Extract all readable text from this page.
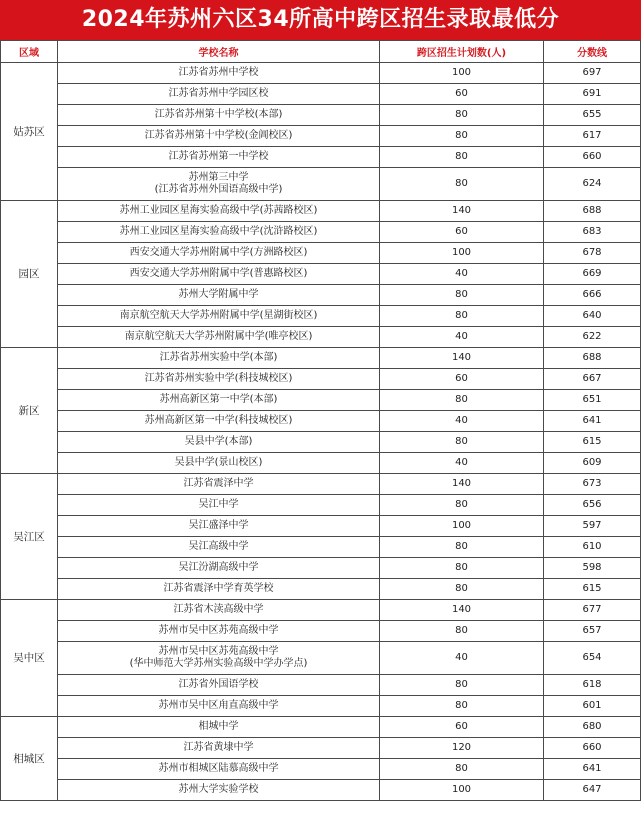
2024年苏州六区34所高中跨区招生录取最低分
区域	学校名称	跨区招生计划数(人)	分数线
姑苏区	江苏省苏州中学校	100	697
	江苏省苏州中学园区校	60	691
	江苏省苏州第十中学校(本部)	80	655
	江苏省苏州第十中学校(金阊校区)	80	617
	江苏省苏州第一中学校	80	660

	苏州第三中学
(江苏省苏州外国语高级中学)	80	624
园区	苏州工业园区星海实验高级中学(苏茜路校区)	140	688
	苏州工业园区星海实验高级中学(沈浒路校区)	60	683
	西安交通大学苏州附属中学(方洲路校区)	100	678
	西安交通大学苏州附属中学(普惠路校区)	40	669
	苏州大学附属中学	80	666
	南京航空航天大学苏州附属中学(星湖街校区)	80	640
	南京航空航天大学苏州附属中学(唯亭校区)	40	622
新区	江苏省苏州实验中学(本部)	140	688
	江苏省苏州实验中学(科技城校区)	60	667
	苏州高新区第一中学(本部)	80	651
	苏州高新区第一中学(科技城校区)	40	641
	吴县中学(本部)	80	615
	吴县中学(景山校区)	40	609
吴江区	江苏省震泽中学	140	673
	吴江中学	80	656
	吴江盛泽中学	100	597
	吴江高级中学	80	610
	吴江汾湖高级中学	80	598
	江苏省震泽中学育英学校	80	615
吴中区	江苏省木渎高级中学	140	677
	苏州市吴中区苏苑高级中学	80	657

	苏州市吴中区苏苑高级中学
(华中师范大学苏州实验高级中学办学点)	40	654
	江苏省外国语学校	80	618
	苏州市吴中区甪直高级中学	80	601
相城区	相城中学	60	680
	江苏省黄埭中学	120	660
	苏州市相城区陆慕高级中学	80	641
	苏州大学实验学校	100	647
